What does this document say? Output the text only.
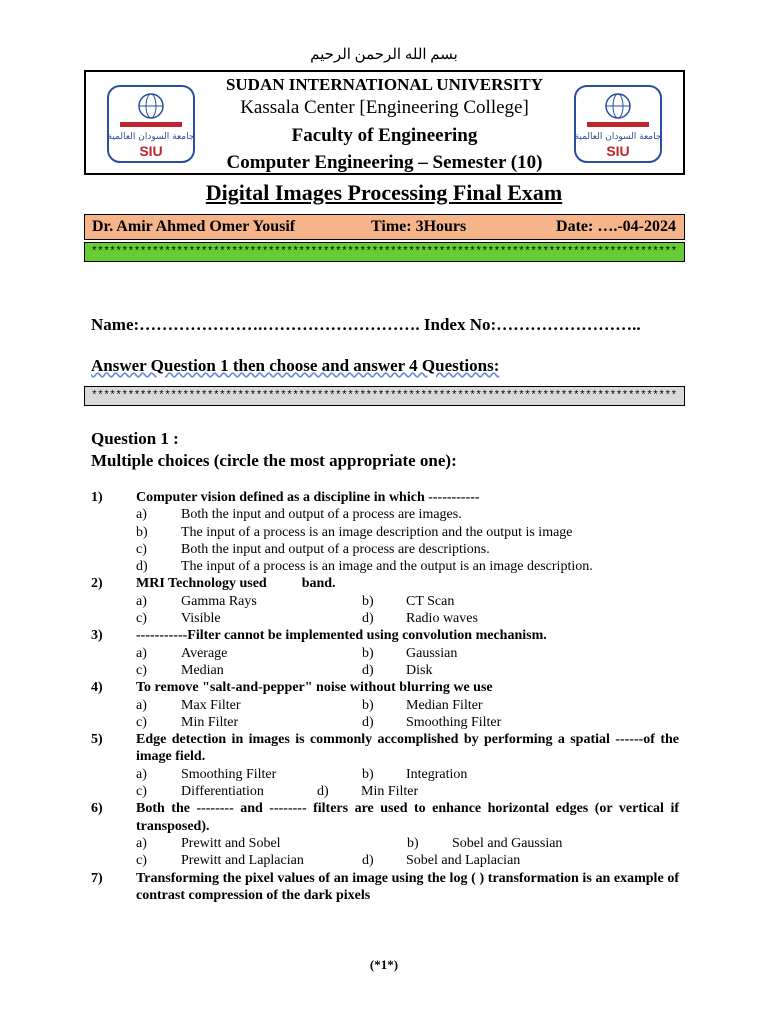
بسم الله الرحمن الرحيم
جامعة السودان العالمية
SIU
SUDAN INTERNATIONAL UNIVERSITY
Kassala Center [Engineering College]
Faculty of Engineering
Computer Engineering – Semester (10)
جامعة السودان العالمية
SIU
Digital Images Processing Final Exam
Dr. Amir Ahmed Omer Yousif	Time: 3Hours	Date: ….-04-2024
************************************************************************************************
Name:………………….………………………. Index No:……………………..
Answer Question 1 then choose and answer 4 Questions:
************************************************************************************************
Question 1 :
Multiple choices (circle the most appropriate one):
1) Computer vision defined as a discipline in which -----------
a) Both the input and output of a process are images.
b) The input of a process is an image description and the output is image
c) Both the input and output of a process are descriptions.
d) The input of a process is an image and the output is an image description.
2) MRI Technology used          band.
a) Gamma Rays	b) CT Scan
c) Visible	d) Radio waves
3) -----------Filter cannot be implemented using convolution mechanism.
a) Average	b) Gaussian
c) Median	d) Disk
4) To remove "salt-and-pepper" noise without blurring we use
a) Max Filter	b) Median Filter
c) Min Filter	d) Smoothing Filter
5) Edge detection in images is commonly accomplished by performing a spatial ------of the image field.
a) Smoothing Filter	b) Integration
c) Differentiation	d) Min Filter
6) Both the -------- and -------- filters are used to enhance horizontal edges (or vertical if transposed).
a) Prewitt and Sobel	b) Sobel and Gaussian
c) Prewitt and Laplacian	d) Sobel and Laplacian
7) Transforming the pixel values of an image using the log ( ) transformation is an example of contrast compression of the dark pixels
(*1*)
